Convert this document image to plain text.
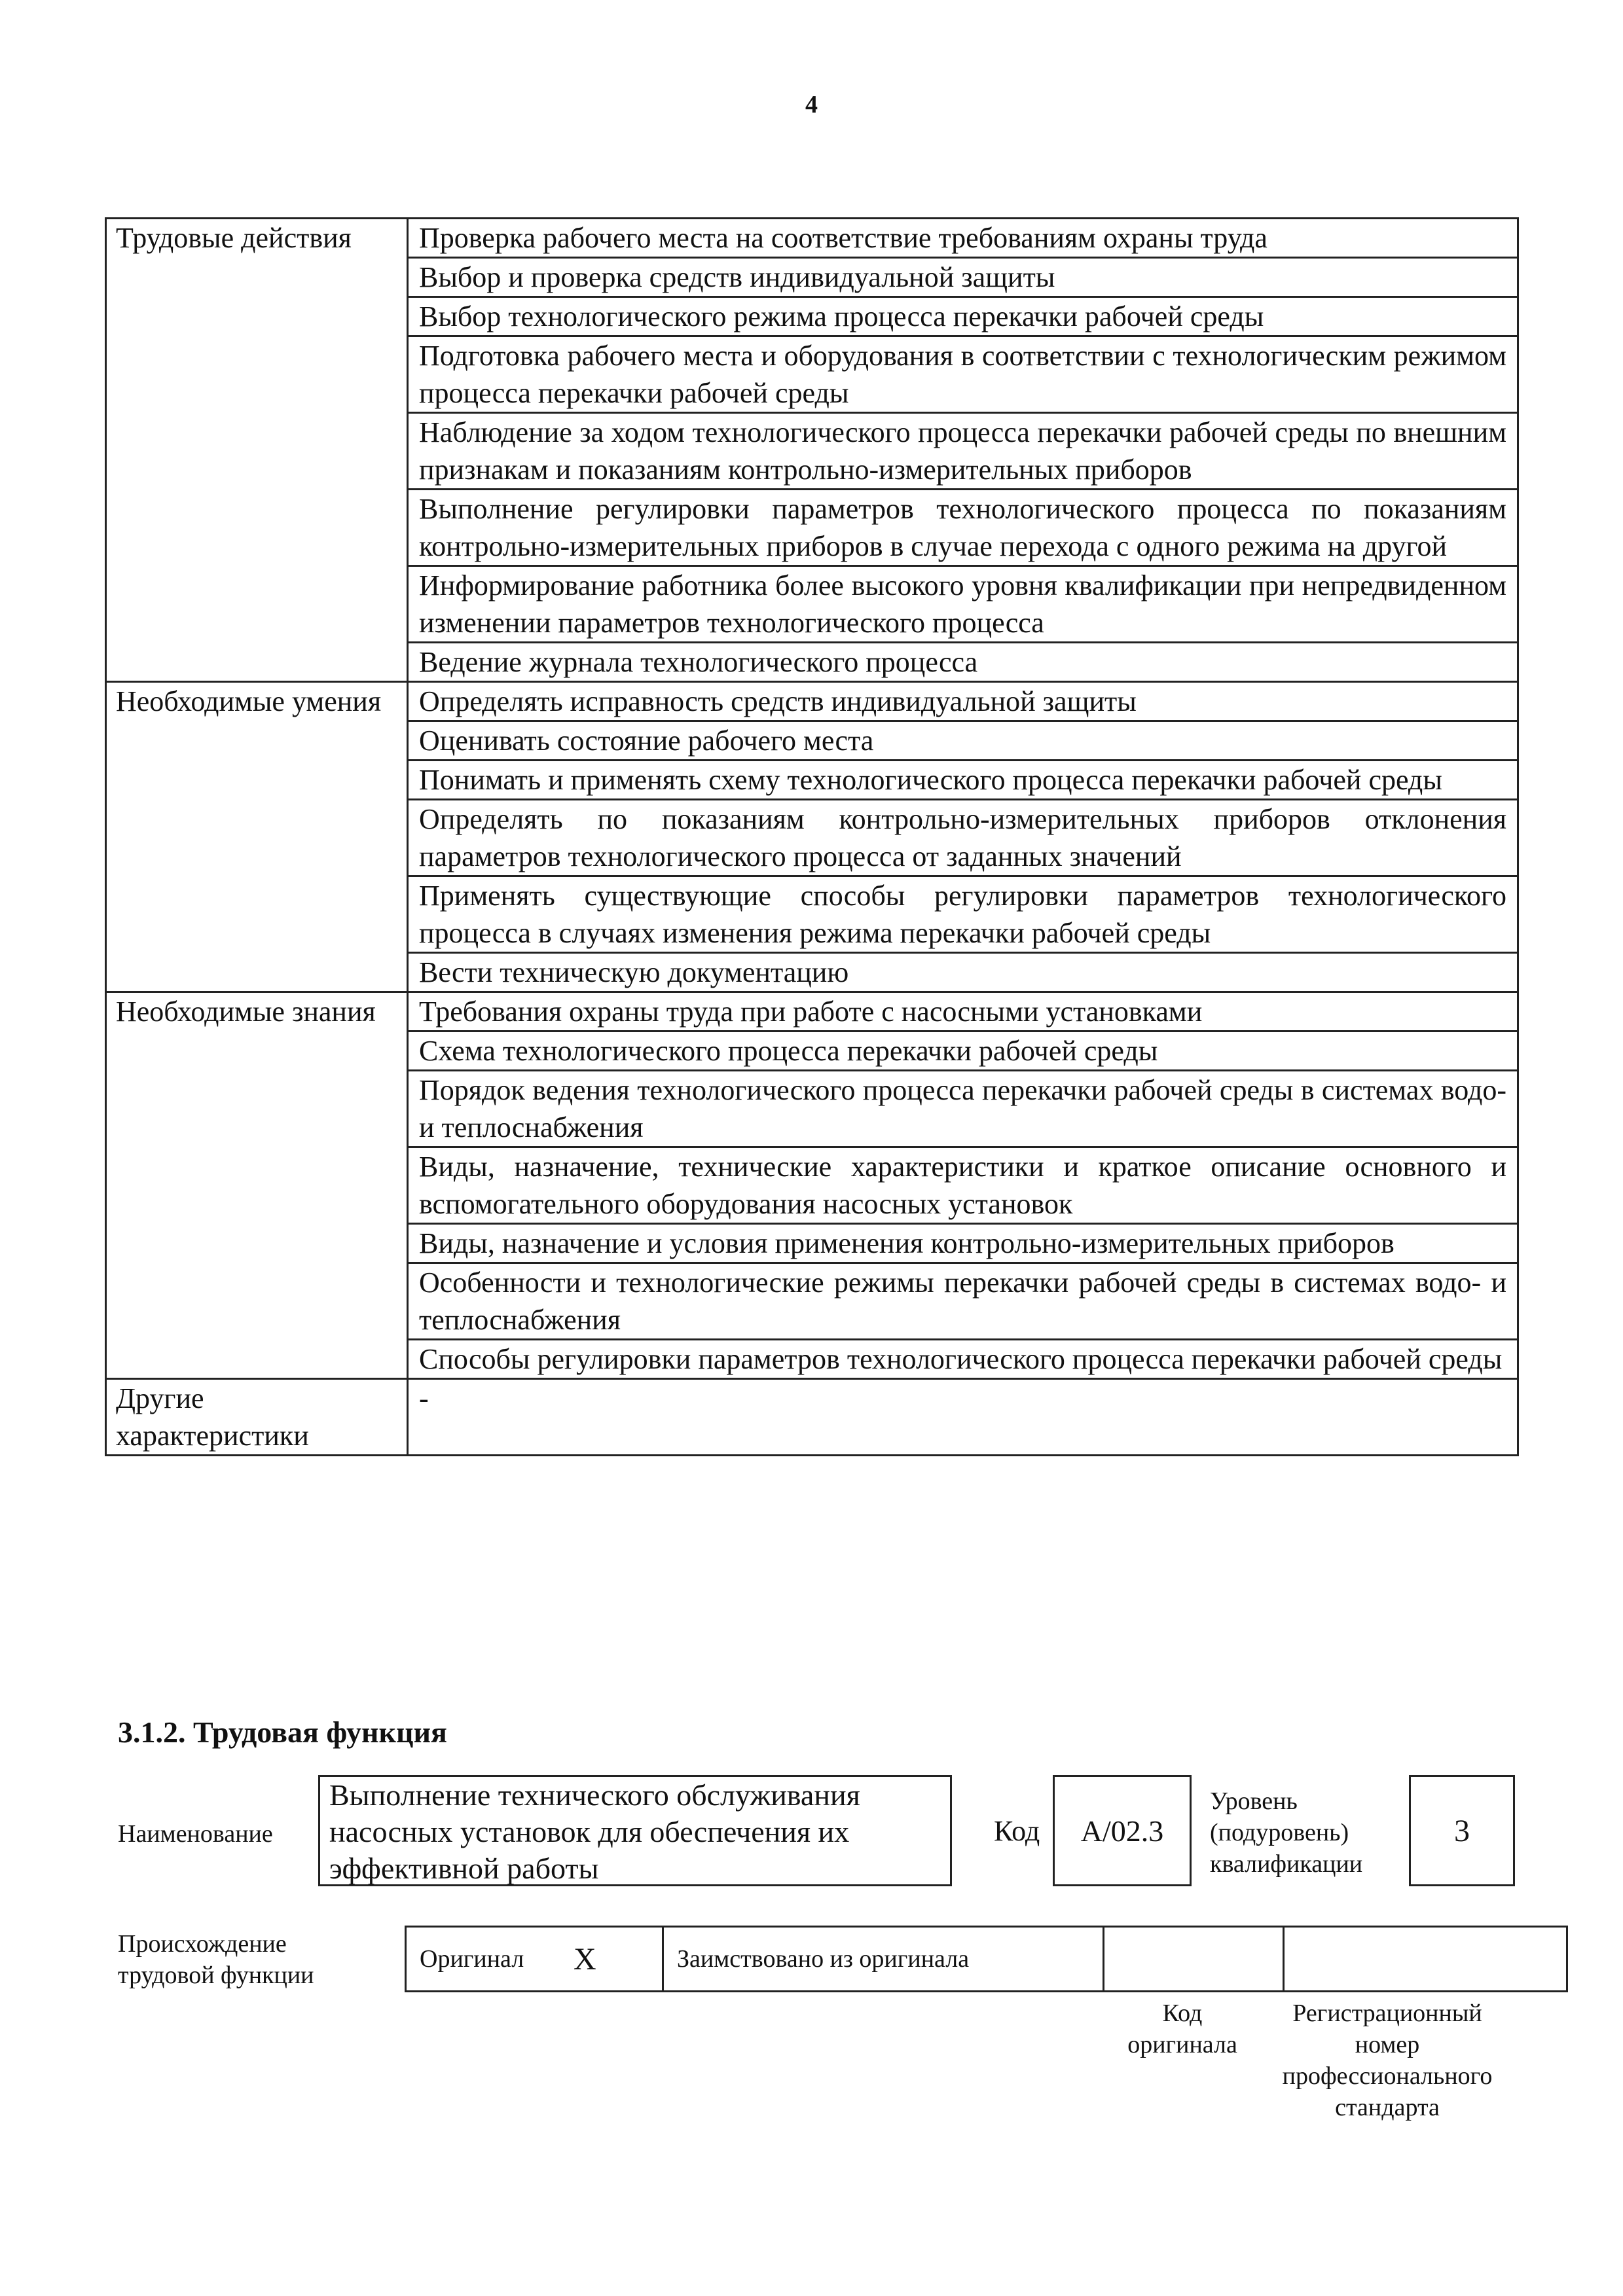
4
Трудовые действия	Проверка рабочего места на соответствие требованиям охраны труда
	Выбор и проверка средств индивидуальной защиты
	Выбор технологического режима процесса перекачки рабочей среды
	Подготовка рабочего места и оборудования в соответствии с технологическим режимом процесса перекачки рабочей среды
	Наблюдение за ходом технологического процесса перекачки рабочей среды по внешним признакам и показаниям контрольно-измерительных приборов
	Выполнение регулировки параметров технологического процесса по показаниям контрольно-измерительных приборов в случае перехода с одного режима на другой
	Информирование работника более высокого уровня квалификации при непредвиденном изменении параметров технологического процесса
	Ведение журнала технологического процесса
Необходимые умения	Определять исправность средств индивидуальной защиты
	Оценивать состояние рабочего места
	Понимать и применять схему технологического процесса перекачки рабочей среды
	Определять по показаниям контрольно-измерительных приборов отклонения параметров технологического процесса от заданных значений
	Применять существующие способы регулировки параметров технологического процесса в случаях изменения режима перекачки рабочей среды
	Вести техническую документацию
Необходимые знания	Требования охраны труда при работе с насосными установками
	Схема технологического процесса перекачки рабочей среды
	Порядок ведения технологического процесса перекачки рабочей среды в системах водо- и теплоснабжения
	Виды, назначение, технические характеристики и краткое описание основного и вспомогательного оборудования насосных установок
	Виды, назначение и условия применения контрольно-измерительных приборов
	Особенности и технологические режимы перекачки рабочей среды в системах водо- и теплоснабжения
	Способы регулировки параметров технологического процесса перекачки рабочей среды
Другие характеристики	-
3.1.2. Трудовая функция
Наименование
Выполнение технического обслуживания насосных установок для обеспечения их эффективной работы
Код	А/02.3
Уровень (подуровень) квалификации
3
Происхождение трудовой функции
Оригинал	X	Заимствовано из оригинала		
Код оригинала
Регистрационный номер профессионального стандарта
